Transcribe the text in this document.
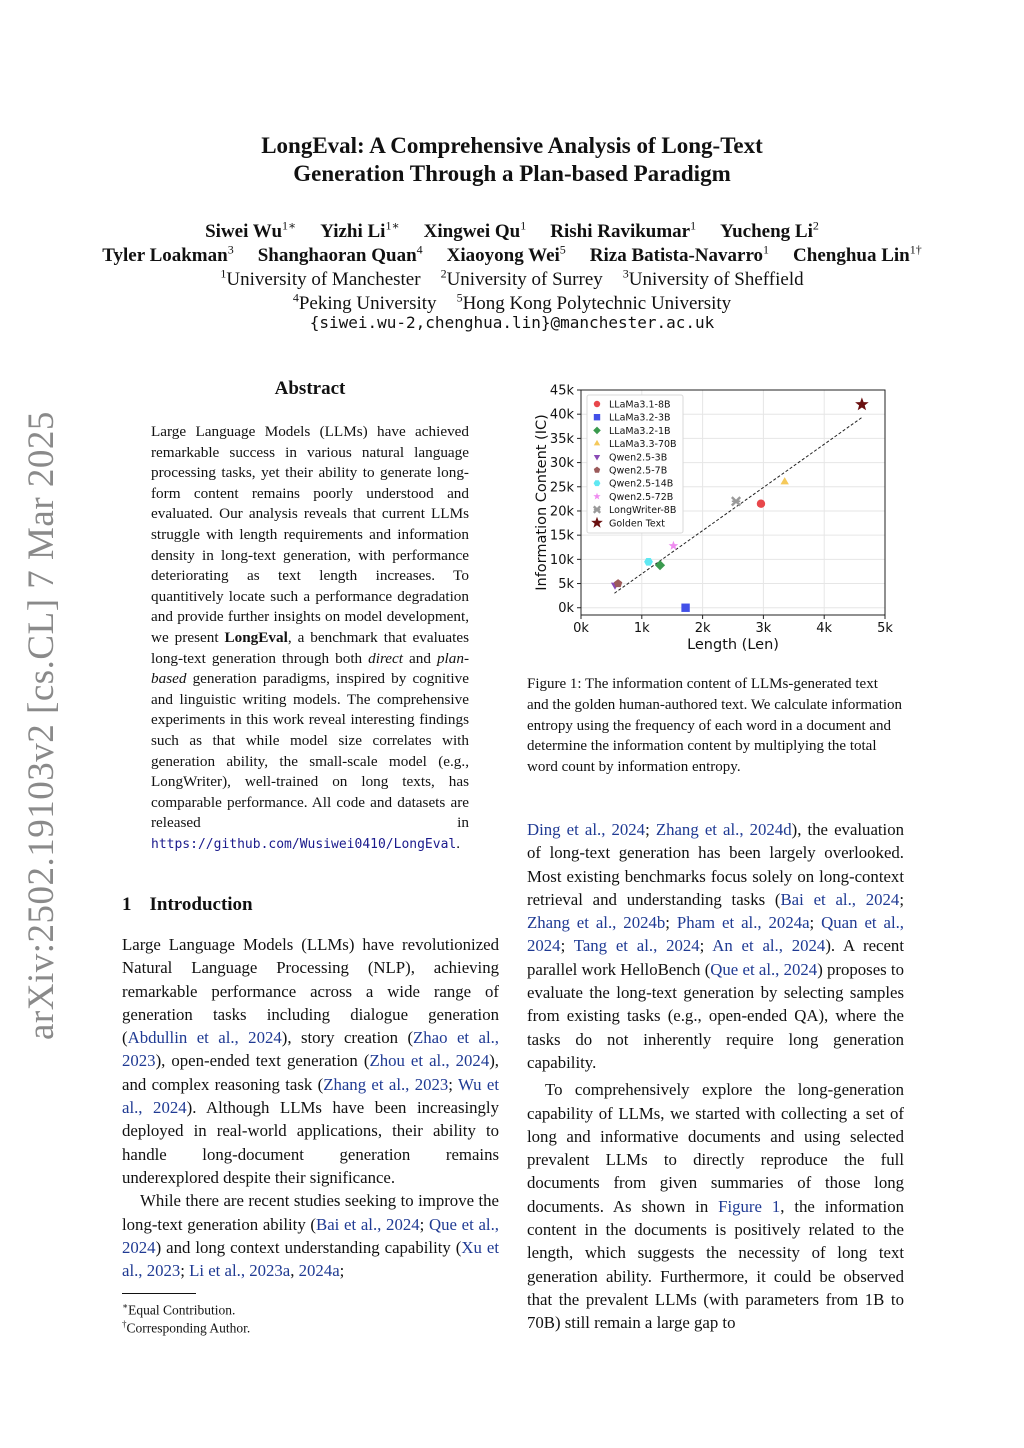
LongEval: A Comprehensive Analysis of Long-Text
Generation Through a Plan-based Paradigm
Siwei $Wu^{1∗}$ Yizhi $Li^{1∗}$ Xingwei Qu$^1$ Rishi Ravikumar$^1$ Yucheng Li$^2$
Tyler Loakman$^3$ Shanghaoran Quan$^4$ Xiaoyong Wei$^5$ Riza Batista-Navarro$^1$ Chenghua Lin$^{1\dagger}$
$^1$University of Manchester $^2$University of Surrey $^3$University of Sheffield
$^4$Peking University $^5$Hong Kong Polytechnic University
{siwei.wu-2,chenghua.lin}@manchester.ac.uk
arXiv:2502.19103v2 [cs.CL] 7 Mar 2025
Abstract
Large Language Models (LLMs) have achieved remarkable success in various natural language processing tasks, yet their ability to generate long-form content remains poorly understood and evaluated. Our analysis reveals that current LLMs struggle with length requirements and information density in long-text generation, with performance deteriorating as text length increases. To quantitively locate such a performance degradation and provide further insights on model development, we present LongEval, a benchmark that evaluates long-text generation through both direct and plan-based generation paradigms, inspired by cognitive and linguistic writing models. The comprehensive experiments in this work reveal interesting findings such as that while model size correlates with generation ability, the small-scale model (e.g., LongWriter), well-trained on long texts, has comparable performance. All code and datasets are released in https://github.com/Wusiwei0410/LongEval.
1 Introduction

Large Language Models (LLMs) have revolutionized Natural Language Processing (NLP), achieving remarkable performance across a wide range of generation tasks including dialogue generation (Abdullin et al., 2024), story creation (Zhao et al., 2023), open-ended text generation (Zhou et al., 2024), and complex reasoning task (Zhang et al., 2023; Wu et al., 2024). Although LLMs have been increasingly deployed in real-world applications, their ability to handle long-document generation remains underexplored despite their significance.

While there are recent studies seeking to improve the long-text generation ability (Bai et al., 2024; Que et al., 2024) and long context understanding capability (Xu et al., 2023; Li et al., 2023a, 2024a;

∗Equal Contribution.
†Corresponding Author.
0k	1k	2k	3k	4k	5k
0k
5k
10k
15k
20k
25k
30k
35k
40k
45k
Length (Len)
Information Content (IC)
LLaMa3.1-8B
LLaMa3.2-3B
LLaMa3.2-1B
LLaMa3.3-70B
Qwen2.5-3B
Qwen2.5-7B
Qwen2.5-14B
Qwen2.5-72B
LongWriter-8B
Golden Text
Figure 1: The information content of LLMs-generated text and the golden human-authored text. We calculate information entropy using the frequency of each word in a document and determine the information content by multiplying the total word count by information entropy.

Ding et al., 2024; Zhang et al., 2024d), the evaluation of long-text generation has been largely overlooked. Most existing benchmarks focus solely on long-context retrieval and understanding tasks (Bai et al., 2024; Zhang et al., 2024b; Pham et al., 2024a; Quan et al., 2024; Tang et al., 2024; An et al., 2024). A recent parallel work HelloBench (Que et al., 2024) proposes to evaluate the long-text generation by selecting samples from existing tasks (e.g., open-ended QA), where the tasks do not inherently require long generation capability.

To comprehensively explore the long-generation capability of LLMs, we started with collecting a set of long and informative documents and using selected prevalent LLMs to directly reproduce the full documents from given summaries of those long documents. As shown in Figure 1, the information content in the documents is positively related to the length, which suggests the necessity of long text generation ability. Furthermore, it could be observed that the prevalent LLMs (with parameters from 1B to 70B) still remain a large gap to
